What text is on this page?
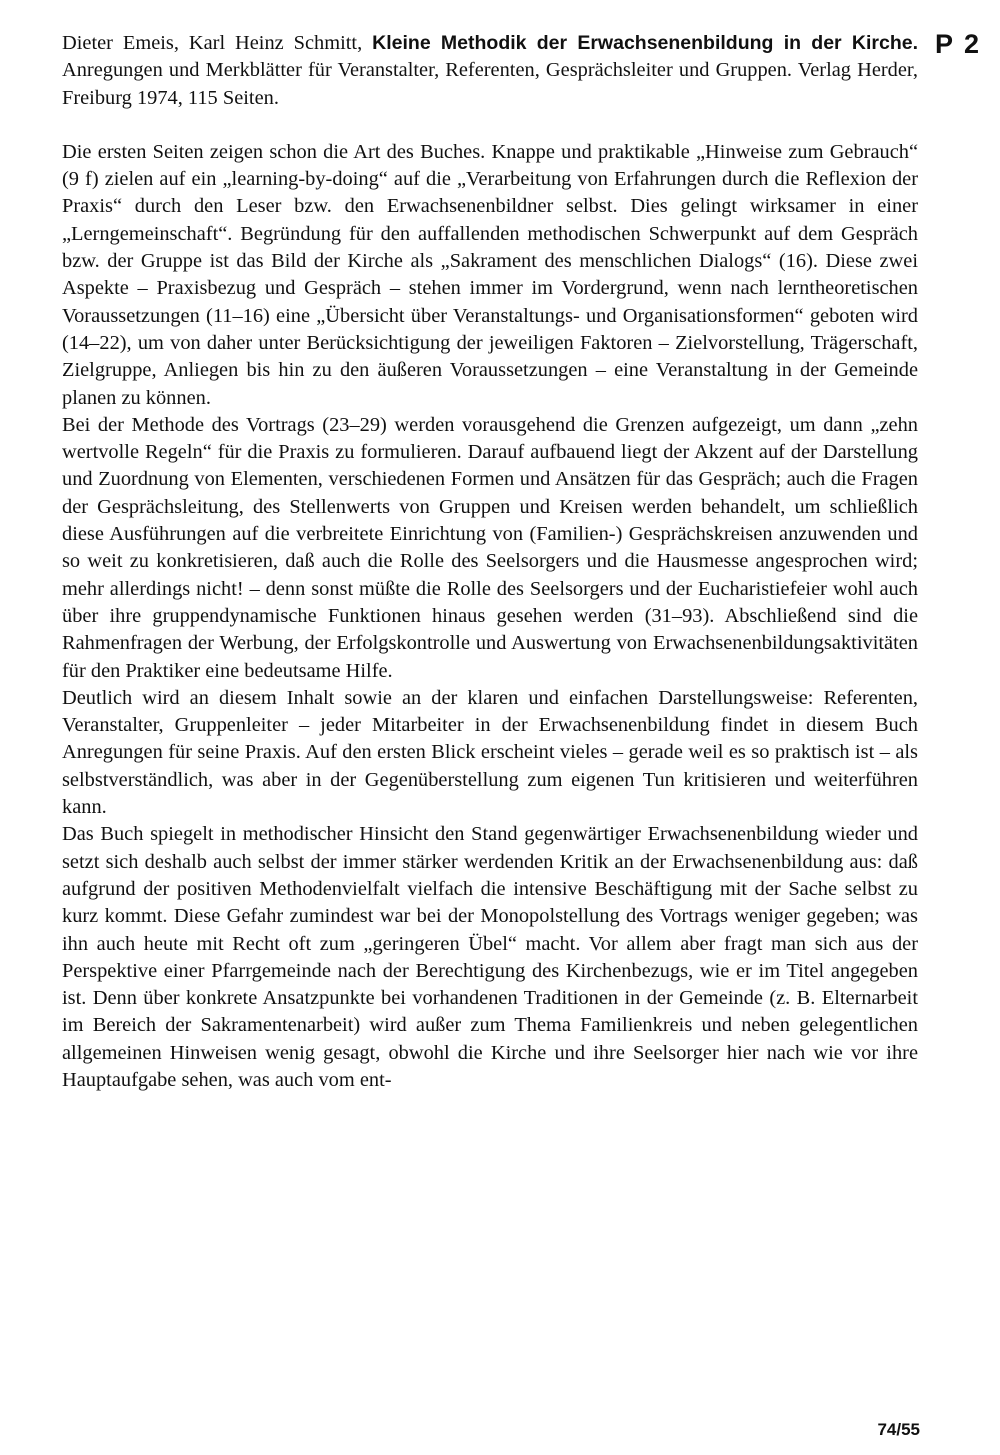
P 2

Dieter Emeis, Karl Heinz Schmitt, Kleine Methodik der Erwachsenenbildung in der Kirche. Anregungen und Merkblätter für Veranstalter, Referenten, Gesprächsleiter und Gruppen. Verlag Herder, Freiburg 1974, 115 Seiten.

Die ersten Seiten zeigen schon die Art des Buches. Knappe und praktikable „Hinweise zum Gebrauch“ (9 f) zielen auf ein „learning-by-doing“ auf die „Verarbeitung von Erfahrungen durch die Reflexion der Praxis“ durch den Leser bzw. den Erwachsenenbildner selbst. Dies gelingt wirksamer in einer „Lerngemeinschaft“. Begründung für den auffallenden methodischen Schwerpunkt auf dem Gespräch bzw. der Gruppe ist das Bild der Kirche als „Sakrament des menschlichen Dialogs“ (16). Diese zwei Aspekte – Praxisbezug und Gespräch – stehen immer im Vordergrund, wenn nach lerntheoretischen Voraussetzungen (11–16) eine „Übersicht über Veranstaltungs- und Organisationsformen“ geboten wird (14–22), um von daher unter Berücksichtigung der jeweiligen Faktoren – Zielvorstellung, Trägerschaft, Zielgruppe, Anliegen bis hin zu den äußeren Voraussetzungen – eine Veranstaltung in der Gemeinde planen zu können.

Bei der Methode des Vortrags (23–29) werden vorausgehend die Grenzen aufgezeigt, um dann „zehn wertvolle Regeln“ für die Praxis zu formulieren. Darauf aufbauend liegt der Akzent auf der Darstellung und Zuordnung von Elementen, verschiedenen Formen und Ansätzen für das Gespräch; auch die Fragen der Gesprächsleitung, des Stellenwerts von Gruppen und Kreisen werden behandelt, um schließlich diese Ausführungen auf die verbreitete Einrichtung von (Familien-) Gesprächskreisen anzuwenden und so weit zu konkretisieren, daß auch die Rolle des Seelsorgers und die Hausmesse angesprochen wird; mehr allerdings nicht! – denn sonst müßte die Rolle des Seelsorgers und der Eucharistiefeier wohl auch über ihre gruppendynamische Funktionen hinaus gesehen werden (31–93). Abschließend sind die Rahmenfragen der Werbung, der Erfolgskontrolle und Auswertung von Erwachsenenbildungsaktivitäten für den Praktiker eine bedeutsame Hilfe.

Deutlich wird an diesem Inhalt sowie an der klaren und einfachen Darstellungsweise: Referenten, Veranstalter, Gruppenleiter – jeder Mitarbeiter in der Erwachsenenbildung findet in diesem Buch Anregungen für seine Praxis. Auf den ersten Blick erscheint vieles – gerade weil es so praktisch ist – als selbstverständlich, was aber in der Gegenüberstellung zum eigenen Tun kritisieren und weiterführen kann.

Das Buch spiegelt in methodischer Hinsicht den Stand gegenwärtiger Erwachsenenbildung wieder und setzt sich deshalb auch selbst der immer stärker werdenden Kritik an der Erwachsenenbildung aus: daß aufgrund der positiven Methodenvielfalt vielfach die intensive Beschäftigung mit der Sache selbst zu kurz kommt. Diese Gefahr zumindest war bei der Monopolstellung des Vortrags weniger gegeben; was ihn auch heute mit Recht oft zum „geringeren Übel“ macht. Vor allem aber fragt man sich aus der Perspektive einer Pfarrgemeinde nach der Berechtigung des Kirchenbezugs, wie er im Titel angegeben ist. Denn über konkrete Ansatzpunkte bei vorhandenen Traditionen in der Gemeinde (z. B. Elternarbeit im Bereich der Sakramentenarbeit) wird außer zum Thema Familienkreis und neben gelegentlichen allgemeinen Hinweisen wenig gesagt, obwohl die Kirche und ihre Seelsorger hier nach wie vor ihre Hauptaufgabe sehen, was auch vom ent-

74/55
